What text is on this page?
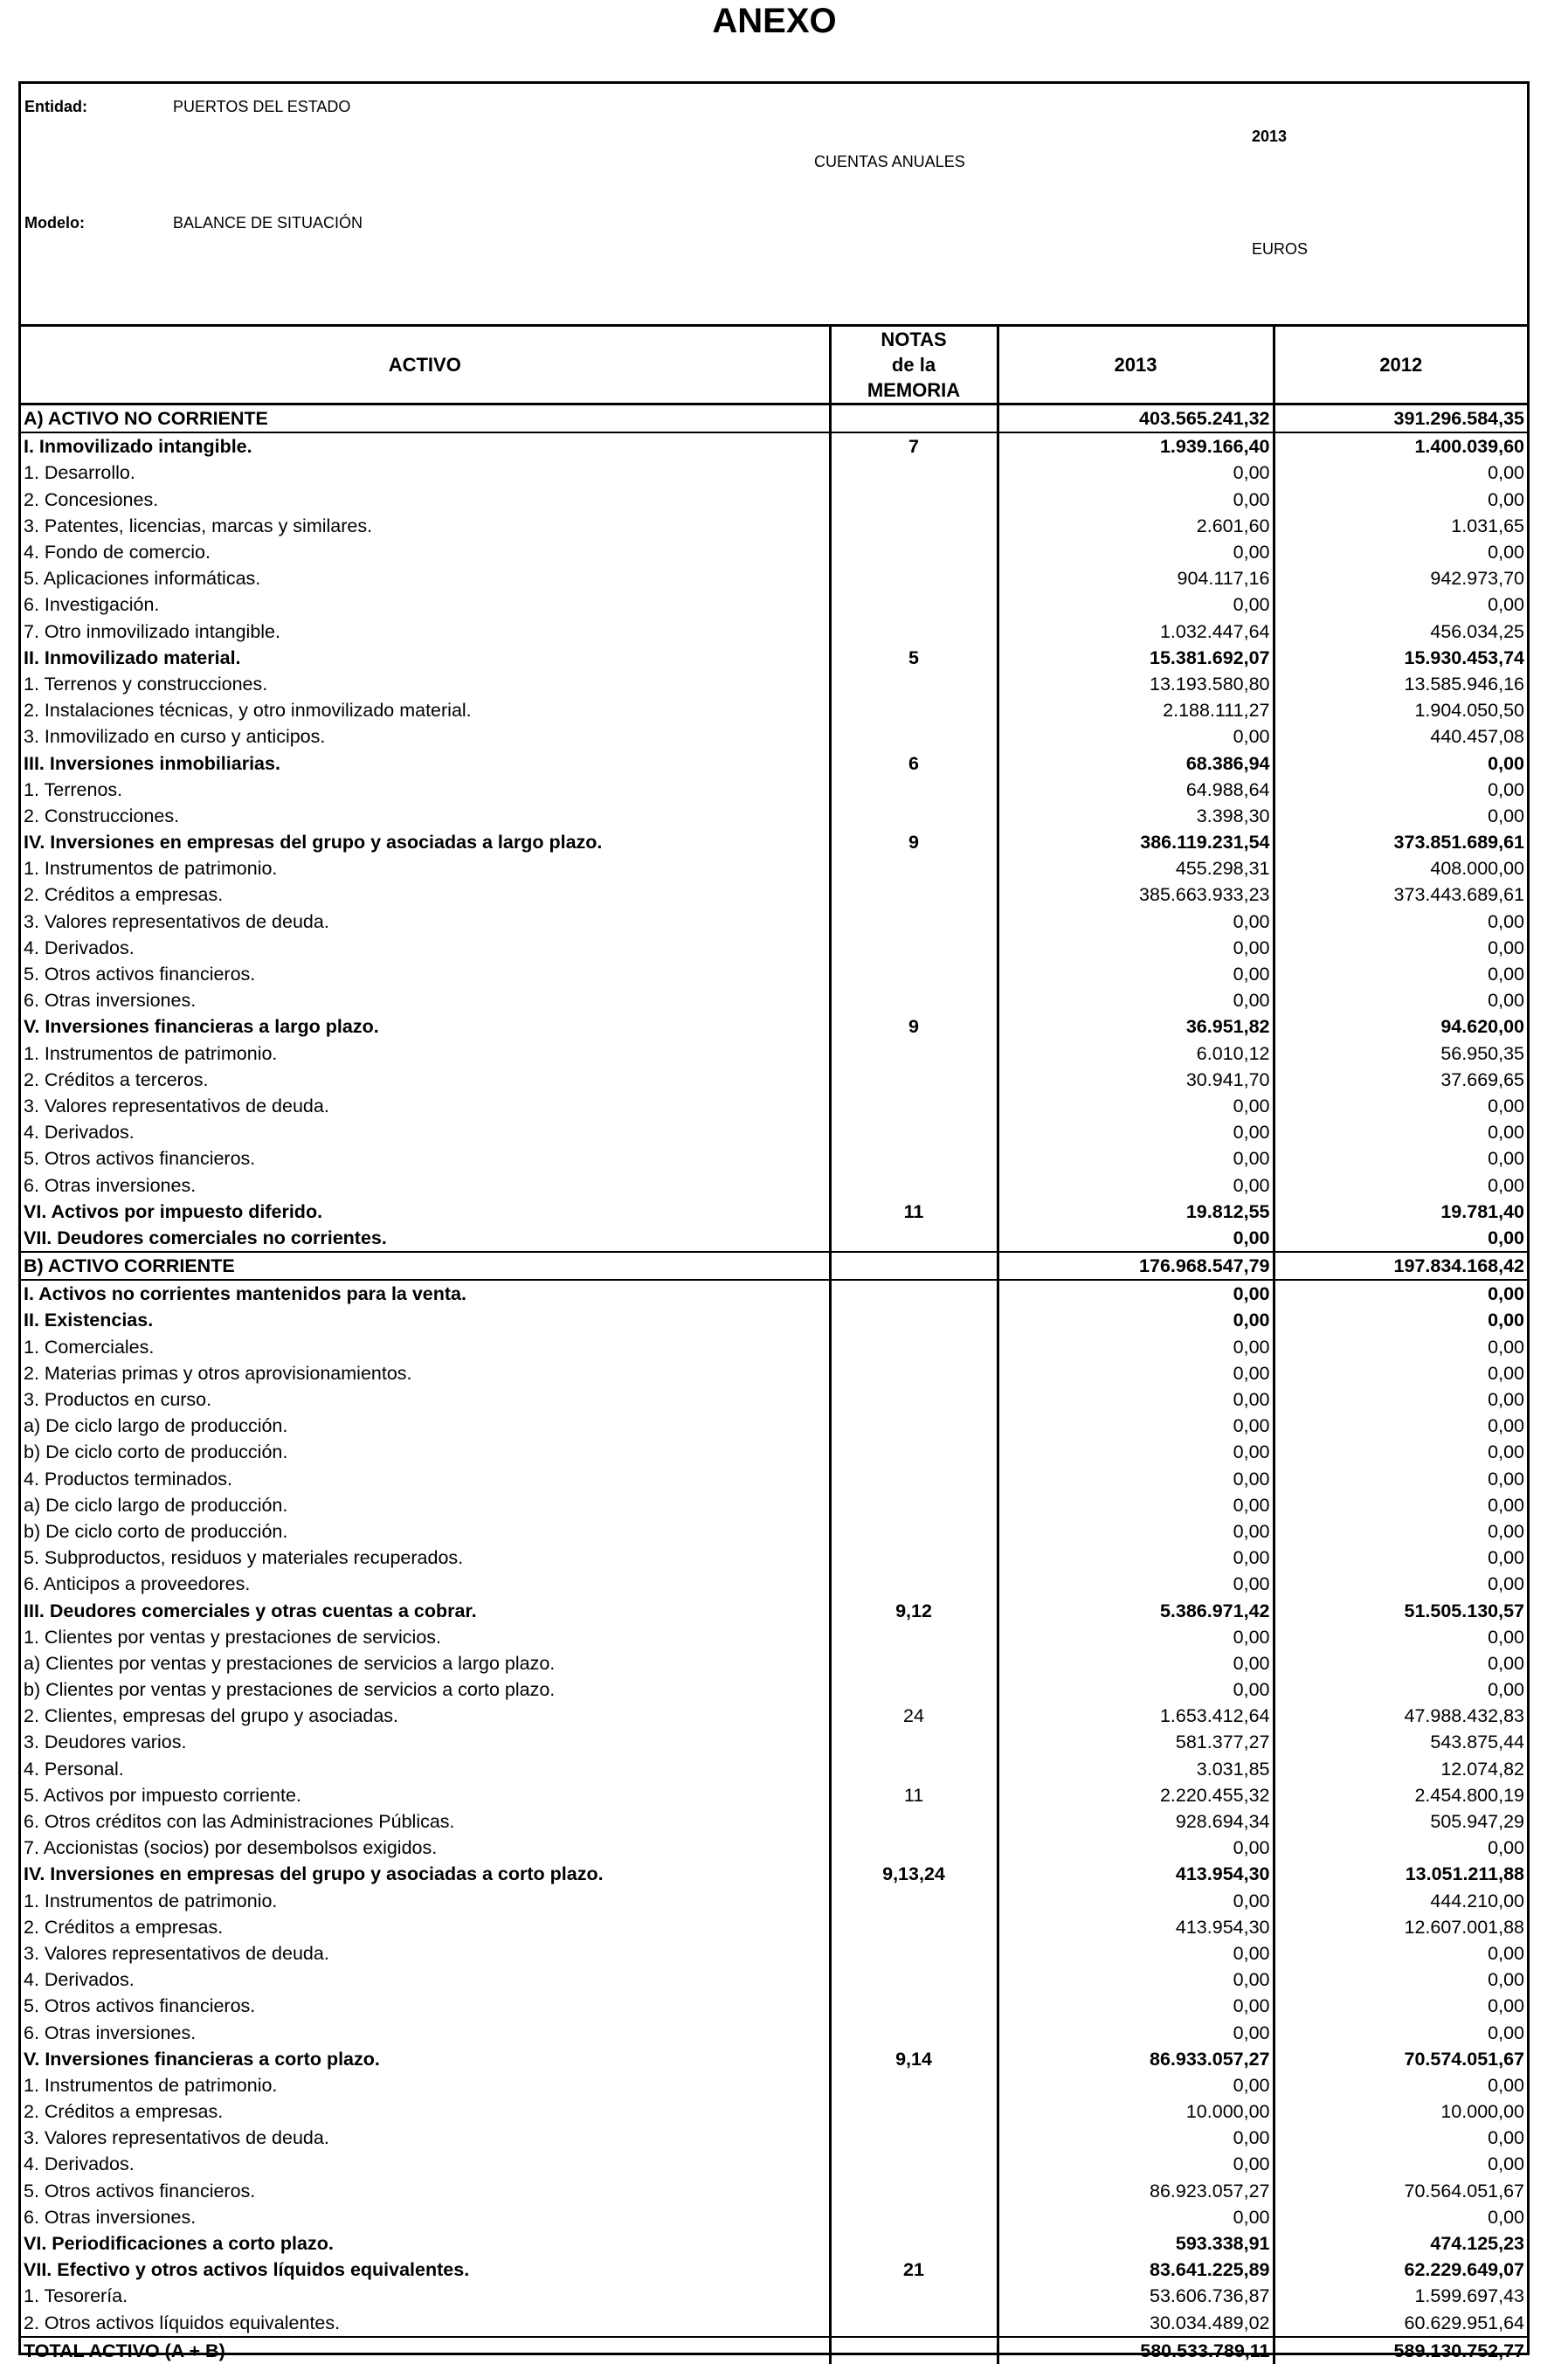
ANEXO
Entidad:	PUERTOS DEL ESTADO
2013
CUENTAS ANUALES
Modelo:	BALANCE DE SITUACIÓN
EUROS
ACTIVO	NOTAS
de la
MEMORIA	2013	2012
A) ACTIVO NO CORRIENTE		403.565.241,32	391.296.584,35
I. Inmovilizado intangible.	7	1.939.166,40	1.400.039,60
1. Desarrollo.		0,00	0,00
2. Concesiones.		0,00	0,00
3. Patentes, licencias, marcas y similares.		2.601,60	1.031,65
4. Fondo de comercio.		0,00	0,00
5. Aplicaciones informáticas.		904.117,16	942.973,70
6. Investigación.		0,00	0,00
7. Otro inmovilizado intangible.		1.032.447,64	456.034,25
II. Inmovilizado material.	5	15.381.692,07	15.930.453,74
1. Terrenos y construcciones.		13.193.580,80	13.585.946,16
2. Instalaciones técnicas, y otro inmovilizado material.		2.188.111,27	1.904.050,50
3. Inmovilizado en curso y anticipos.		0,00	440.457,08
III. Inversiones inmobiliarias.	6	68.386,94	0,00
1. Terrenos.		64.988,64	0,00
2. Construcciones.		3.398,30	0,00
IV. Inversiones en empresas del grupo y asociadas a largo plazo.	9	386.119.231,54	373.851.689,61
1. Instrumentos de patrimonio.		455.298,31	408.000,00
2. Créditos a empresas.		385.663.933,23	373.443.689,61
3. Valores representativos de deuda.		0,00	0,00
4. Derivados.		0,00	0,00
5. Otros activos financieros.		0,00	0,00
6. Otras inversiones.		0,00	0,00
V. Inversiones financieras a largo plazo.	9	36.951,82	94.620,00
1. Instrumentos de patrimonio.		6.010,12	56.950,35
2. Créditos a terceros.		30.941,70	37.669,65
3. Valores representativos de deuda.		0,00	0,00
4. Derivados.		0,00	0,00
5. Otros activos financieros.		0,00	0,00
6. Otras inversiones.		0,00	0,00
VI. Activos por impuesto diferido.	11	19.812,55	19.781,40
VII. Deudores comerciales no corrientes.		0,00	0,00
B) ACTIVO CORRIENTE		176.968.547,79	197.834.168,42
I. Activos no corrientes mantenidos para la venta.		0,00	0,00
II. Existencias.		0,00	0,00
1. Comerciales.		0,00	0,00
2. Materias primas y otros aprovisionamientos.		0,00	0,00
3. Productos en curso.		0,00	0,00
a) De ciclo largo de producción.		0,00	0,00
b) De ciclo corto de producción.		0,00	0,00
4. Productos terminados.		0,00	0,00
a) De ciclo largo de producción.		0,00	0,00
b) De ciclo corto de producción.		0,00	0,00
5. Subproductos, residuos y materiales recuperados.		0,00	0,00
6. Anticipos a proveedores.		0,00	0,00
III. Deudores comerciales y otras cuentas a cobrar.	9,12	5.386.971,42	51.505.130,57
1. Clientes por ventas y prestaciones de servicios.		0,00	0,00
a) Clientes por ventas y prestaciones de servicios a largo plazo.		0,00	0,00
b) Clientes por ventas y prestaciones de servicios a corto plazo.		0,00	0,00
2. Clientes, empresas del grupo y asociadas.	24	1.653.412,64	47.988.432,83
3. Deudores varios.		581.377,27	543.875,44
4. Personal.		3.031,85	12.074,82
5. Activos por impuesto corriente.	11	2.220.455,32	2.454.800,19
6. Otros créditos con las Administraciones Públicas.		928.694,34	505.947,29
7. Accionistas (socios) por desembolsos exigidos.		0,00	0,00
IV. Inversiones en empresas del grupo y asociadas a corto plazo.	9,13,24	413.954,30	13.051.211,88
1. Instrumentos de patrimonio.		0,00	444.210,00
2. Créditos a empresas.		413.954,30	12.607.001,88
3. Valores representativos de deuda.		0,00	0,00
4. Derivados.		0,00	0,00
5. Otros activos financieros.		0,00	0,00
6. Otras inversiones.		0,00	0,00
V. Inversiones financieras a corto plazo.	9,14	86.933.057,27	70.574.051,67
1. Instrumentos de patrimonio.		0,00	0,00
2. Créditos a empresas.		10.000,00	10.000,00
3. Valores representativos de deuda.		0,00	0,00
4. Derivados.		0,00	0,00
5. Otros activos financieros.		86.923.057,27	70.564.051,67
6. Otras inversiones.		0,00	0,00
VI. Periodificaciones a corto plazo.		593.338,91	474.125,23
VII. Efectivo y otros activos líquidos equivalentes.	21	83.641.225,89	62.229.649,07
1. Tesorería.		53.606.736,87	1.599.697,43
2. Otros activos líquidos equivalentes.		30.034.489,02	60.629.951,64
TOTAL ACTIVO (A + B)		580.533.789,11	589.130.752,77
